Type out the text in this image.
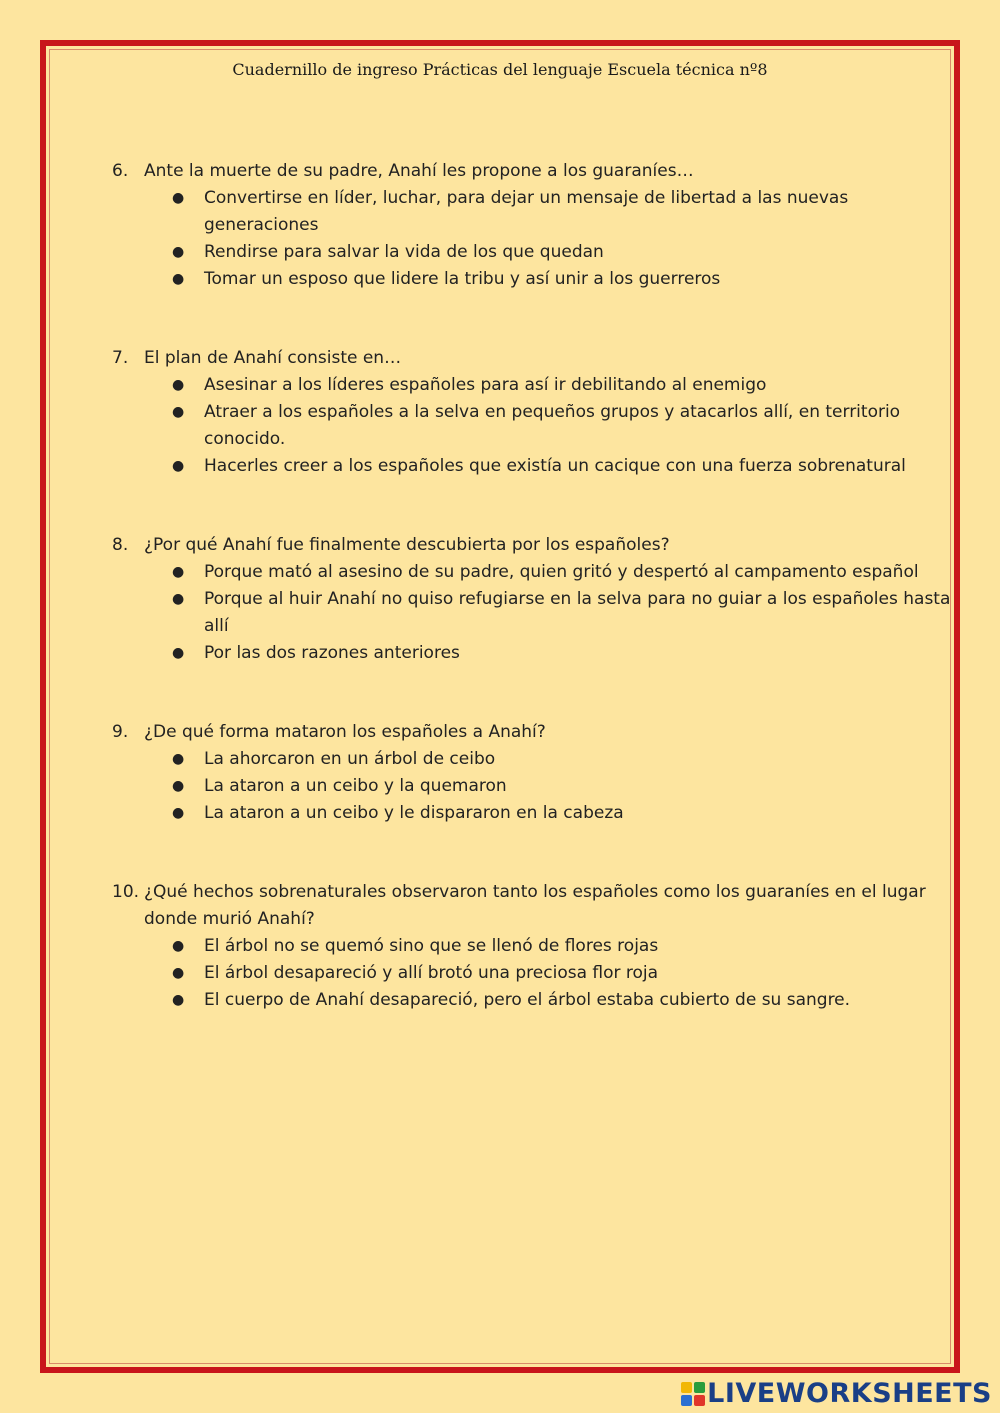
Cuadernillo de ingreso Prácticas del lenguaje Escuela técnica nº8
6. Ante la muerte de su padre, Anahí les propone a los guaraníes…
●	Convertirse en líder, luchar, para dejar un mensaje de libertad a las nuevas generaciones
●	Rendirse para salvar la vida de los que quedan
●	Tomar un esposo que lidere la tribu y así unir a los guerreros
7. El plan de Anahí consiste en…
●	Asesinar a los líderes españoles para así ir debilitando al enemigo
●	Atraer a los españoles a la selva en pequeños grupos y atacarlos allí, en territorio conocido.
●	Hacerles creer a los españoles que existía un cacique con una fuerza sobrenatural
8. ¿Por qué Anahí fue finalmente descubierta por los españoles?
●	Porque mató al asesino de su padre, quien gritó y despertó al campamento español
●	Porque al huir Anahí no quiso refugiarse en la selva para no guiar a los españoles hasta allí
●	Por las dos razones anteriores
9. ¿De qué forma mataron los españoles a Anahí?
●	La ahorcaron en un árbol de ceibo
●	La ataron a un ceibo y la quemaron
●	La ataron a un ceibo y le dispararon en la cabeza
10. ¿Qué hechos sobrenaturales observaron tanto los españoles como los guaraníes en el lugar donde murió Anahí?
●	El árbol no se quemó sino que se llenó de flores rojas
●	El árbol desapareció y allí brotó una preciosa flor roja
●	El cuerpo de Anahí desapareció, pero el árbol estaba cubierto de su sangre.
LIVEWORKSHEETS
